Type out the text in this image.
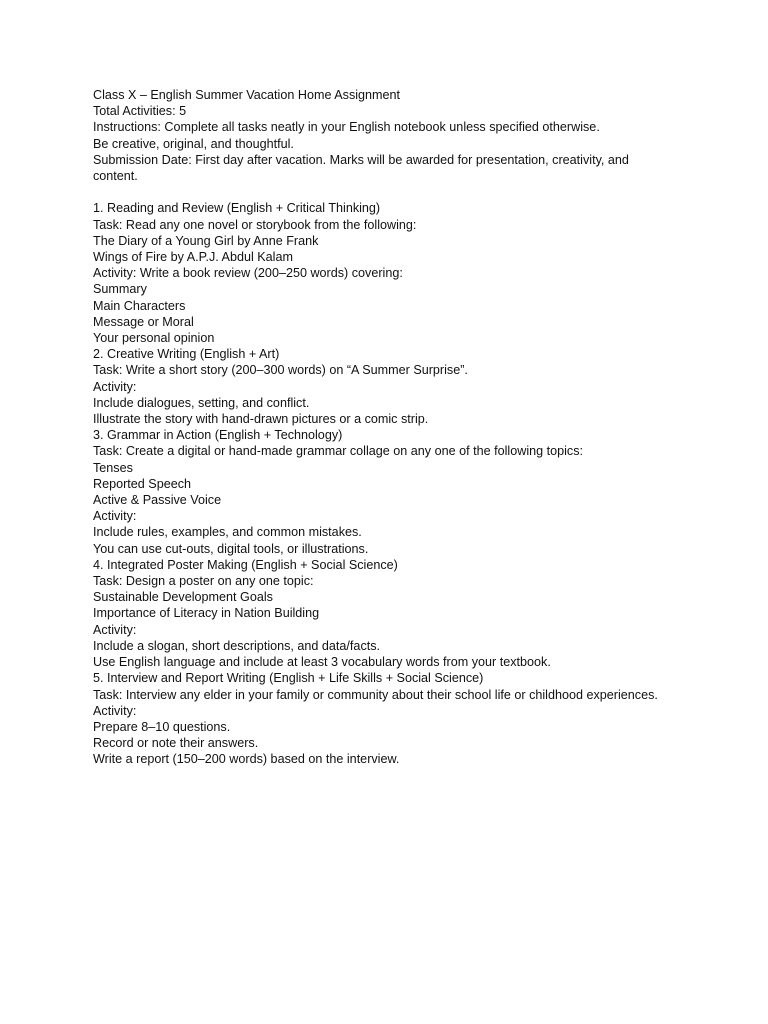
Class X – English Summer Vacation Home Assignment
Total Activities: 5
Instructions: Complete all tasks neatly in your English notebook unless specified otherwise.
Be creative, original, and thoughtful.
Submission Date: First day after vacation. Marks will be awarded for presentation, creativity, and content.
1. Reading and Review (English + Critical Thinking)
Task: Read any one novel or storybook from the following:
The Diary of a Young Girl by Anne Frank
Wings of Fire by A.P.J. Abdul Kalam
Activity: Write a book review (200–250 words) covering:
Summary
Main Characters
Message or Moral
Your personal opinion
2. Creative Writing (English + Art)
Task: Write a short story (200–300 words) on “A Summer Surprise”.
Activity:
Include dialogues, setting, and conflict.
Illustrate the story with hand-drawn pictures or a comic strip.
3. Grammar in Action (English + Technology)
Task: Create a digital or hand-made grammar collage on any one of the following topics:
Tenses
Reported Speech
Active & Passive Voice
Activity:
Include rules, examples, and common mistakes.
You can use cut-outs, digital tools, or illustrations.
4. Integrated Poster Making (English + Social Science)
Task: Design a poster on any one topic:
Sustainable Development Goals
Importance of Literacy in Nation Building
Activity:
Include a slogan, short descriptions, and data/facts.
Use English language and include at least 3 vocabulary words from your textbook.
5. Interview and Report Writing (English + Life Skills + Social Science)
Task: Interview any elder in your family or community about their school life or childhood experiences.
Activity:
Prepare 8–10 questions.
Record or note their answers.
Write a report (150–200 words) based on the interview.
